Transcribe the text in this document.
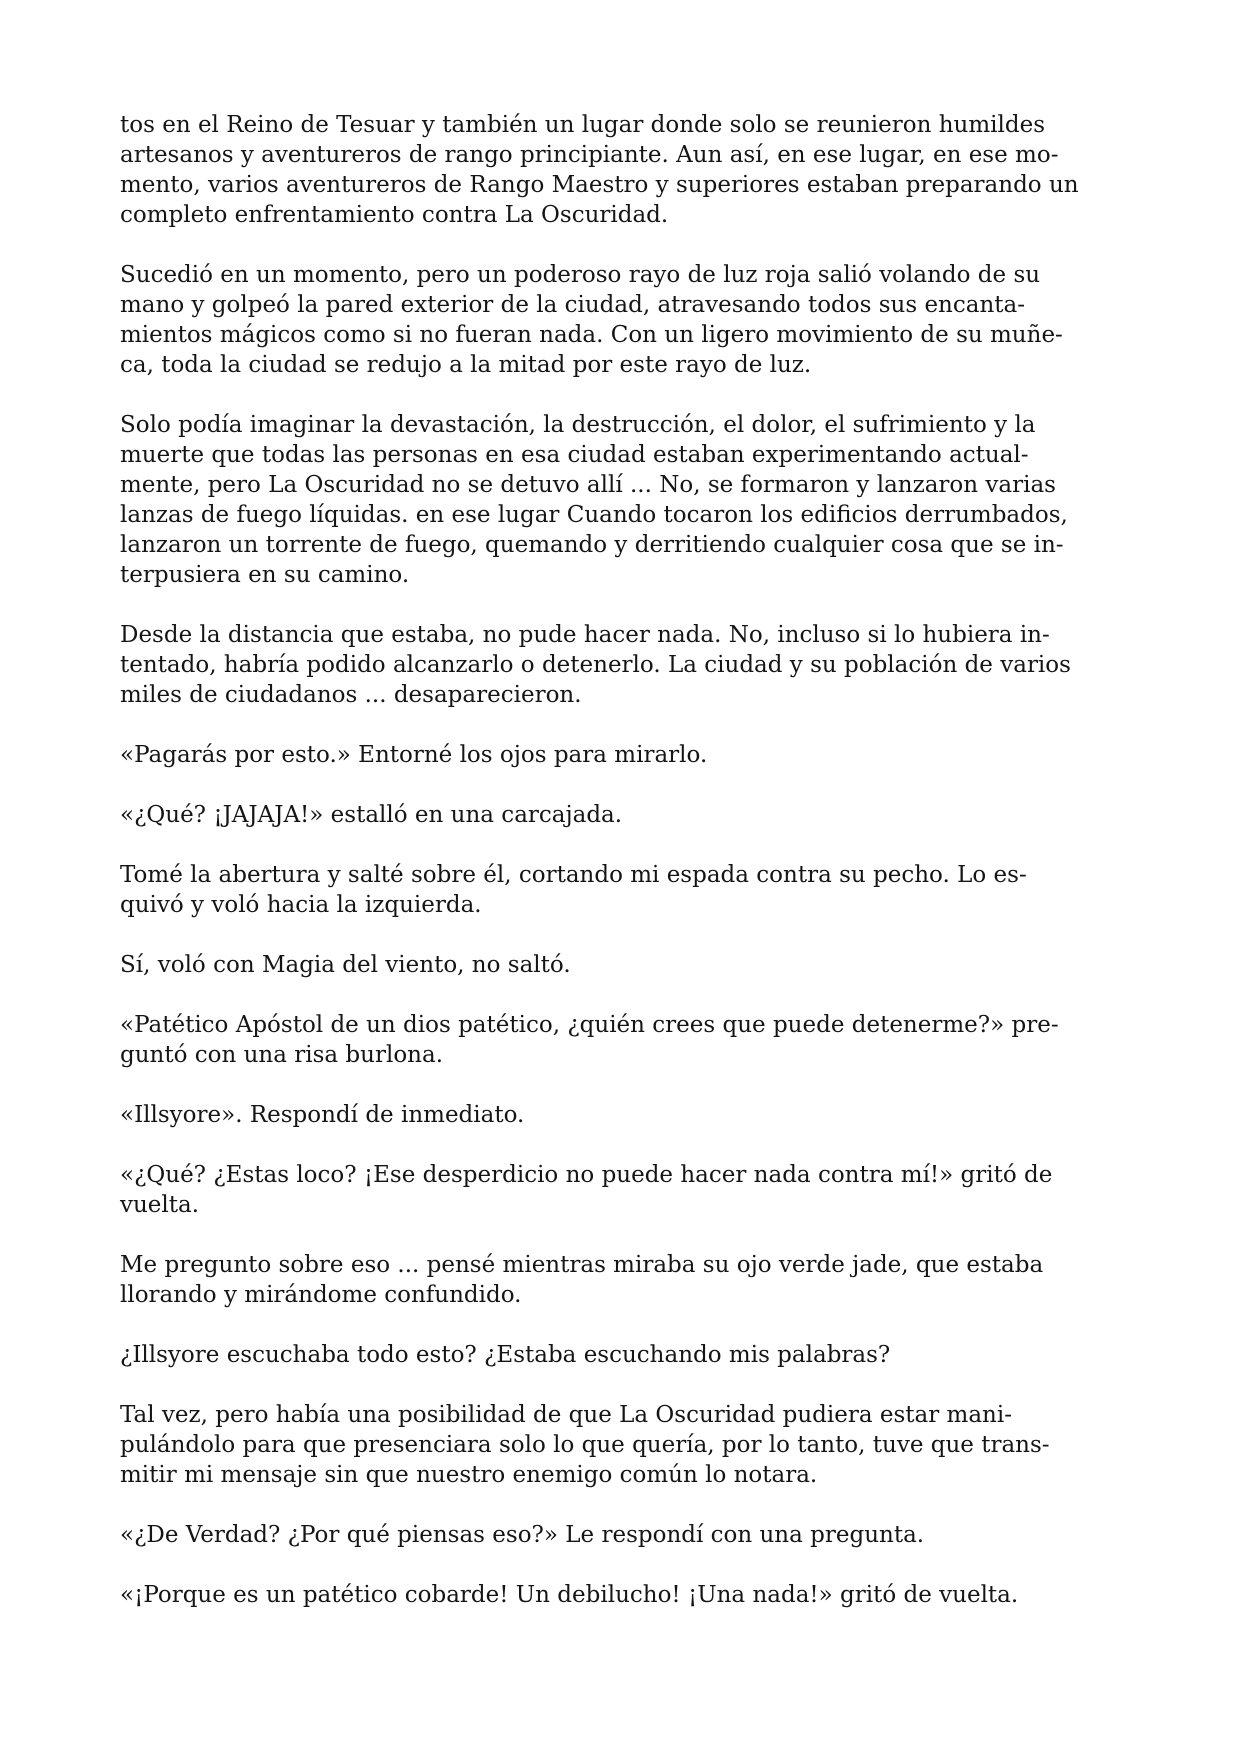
tos en el Reino de Tesuar y también un lugar donde solo se reunieron humildes
artesanos y aventureros de rango principiante. Aun así, en ese lugar, en ese mo-
mento, varios aventureros de Rango Maestro y superiores estaban preparando un
completo enfrentamiento contra La Oscuridad.
Sucedió en un momento, pero un poderoso rayo de luz roja salió volando de su
mano y golpeó la pared exterior de la ciudad, atravesando todos sus encanta-
mientos mágicos como si no fueran nada. Con un ligero movimiento de su muñe-
ca, toda la ciudad se redujo a la mitad por este rayo de luz.
Solo podía imaginar la devastación, la destrucción, el dolor, el sufrimiento y la
muerte que todas las personas en esa ciudad estaban experimentando actual-
mente, pero La Oscuridad no se detuvo allí ... No, se formaron y lanzaron varias
lanzas de fuego líquidas. en ese lugar Cuando tocaron los edificios derrumbados,
lanzaron un torrente de fuego, quemando y derritiendo cualquier cosa que se in-
terpusiera en su camino.
Desde la distancia que estaba, no pude hacer nada. No, incluso si lo hubiera in-
tentado, habría podido alcanzarlo o detenerlo. La ciudad y su población de varios
miles de ciudadanos ... desaparecieron.
«Pagarás por esto.» Entorné los ojos para mirarlo.
«¿Qué? ¡JAJAJA!» estalló en una carcajada.
Tomé la abertura y salté sobre él, cortando mi espada contra su pecho. Lo es-
quivó y voló hacia la izquierda.
Sí, voló con Magia del viento, no saltó.
«Patético Apóstol de un dios patético, ¿quién crees que puede detenerme?» pre-
guntó con una risa burlona.
«Illsyore». Respondí de inmediato.
«¿Qué? ¿Estas loco? ¡Ese desperdicio no puede hacer nada contra mí!» gritó de
vuelta.
Me pregunto sobre eso ... pensé mientras miraba su ojo verde jade, que estaba
llorando y mirándome confundido.
¿Illsyore escuchaba todo esto? ¿Estaba escuchando mis palabras?
Tal vez, pero había una posibilidad de que La Oscuridad pudiera estar mani-
pulándolo para que presenciara solo lo que quería, por lo tanto, tuve que trans-
mitir mi mensaje sin que nuestro enemigo común lo notara.
«¿De Verdad? ¿Por qué piensas eso?» Le respondí con una pregunta.
«¡Porque es un patético cobarde! Un debilucho! ¡Una nada!» gritó de vuelta.
